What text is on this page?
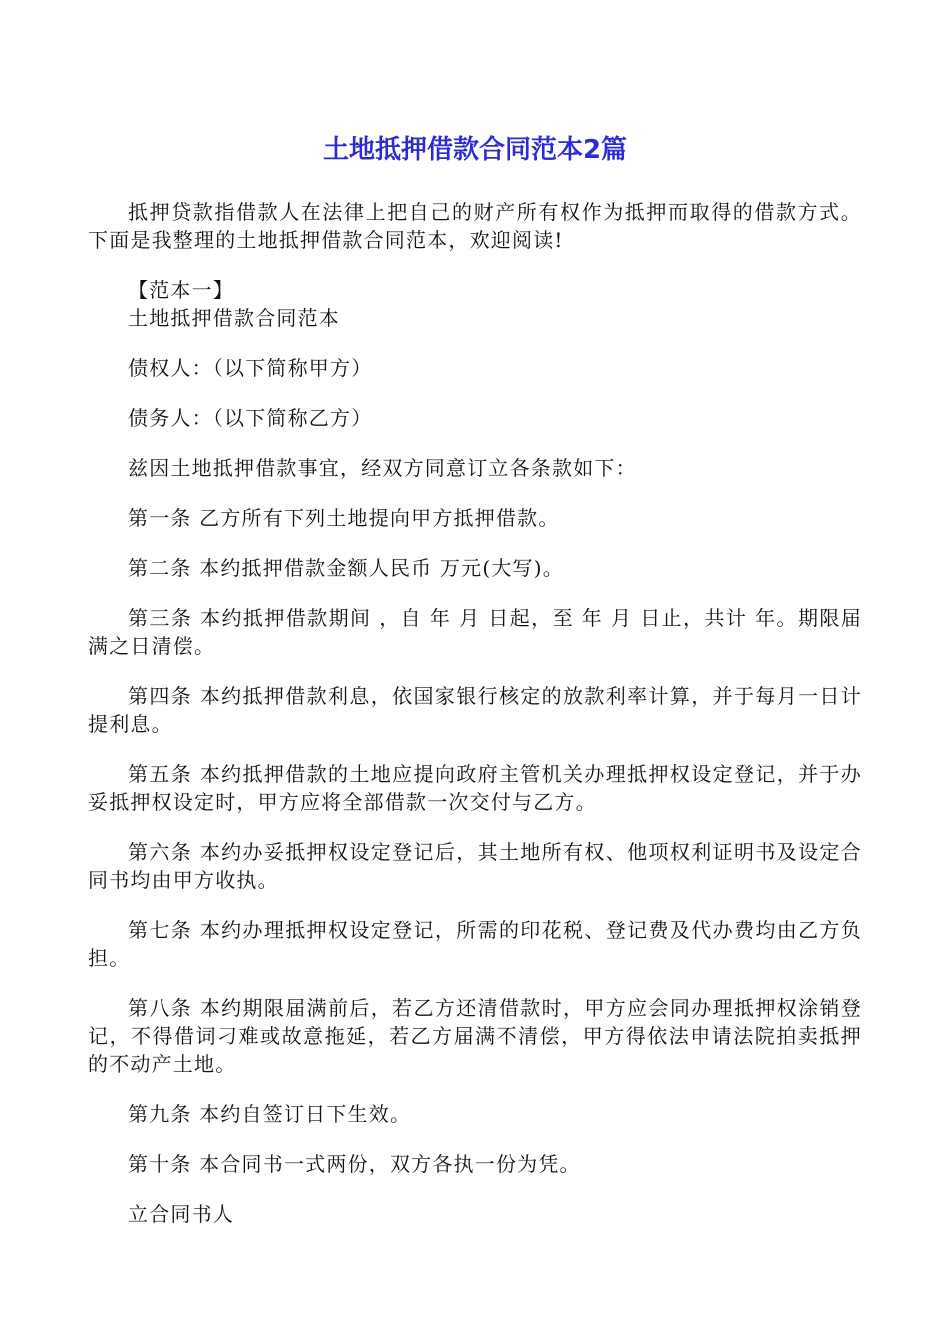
土地抵押借款合同范本2篇

抵押贷款指借款人在法律上把自己的财产所有权作为抵押而取得的借款方式。下面是我整理的土地抵押借款合同范本，欢迎阅读!

【范本一】

土地抵押借款合同范本

债权人：（以下简称甲方）

债务人：（以下简称乙方）

兹因土地抵押借款事宜，经双方同意订立各条款如下：

第一条 乙方所有下列土地提向甲方抵押借款。

第二条 本约抵押借款金额人民币 万元(大写)。

第三条 本约抵押借款期间 ，自 年 月 日起，至 年 月 日止，共计 年。期限届满之日清偿。

第四条 本约抵押借款利息，依国家银行核定的放款利率计算，并于每月一日计提利息。

第五条 本约抵押借款的土地应提向政府主管机关办理抵押权设定登记，并于办妥抵押权设定时，甲方应将全部借款一次交付与乙方。

第六条 本约办妥抵押权设定登记后，其土地所有权、他项权利证明书及设定合同书均由甲方收执。

第七条 本约办理抵押权设定登记，所需的印花税、登记费及代办费均由乙方负担。

第八条 本约期限届满前后，若乙方还清借款时，甲方应会同办理抵押权涂销登记，不得借词刁难或故意拖延，若乙方届满不清偿，甲方得依法申请法院拍卖抵押的不动产土地。

第九条 本约自签订日下生效。

第十条 本合同书一式两份，双方各执一份为凭。

立合同书人
